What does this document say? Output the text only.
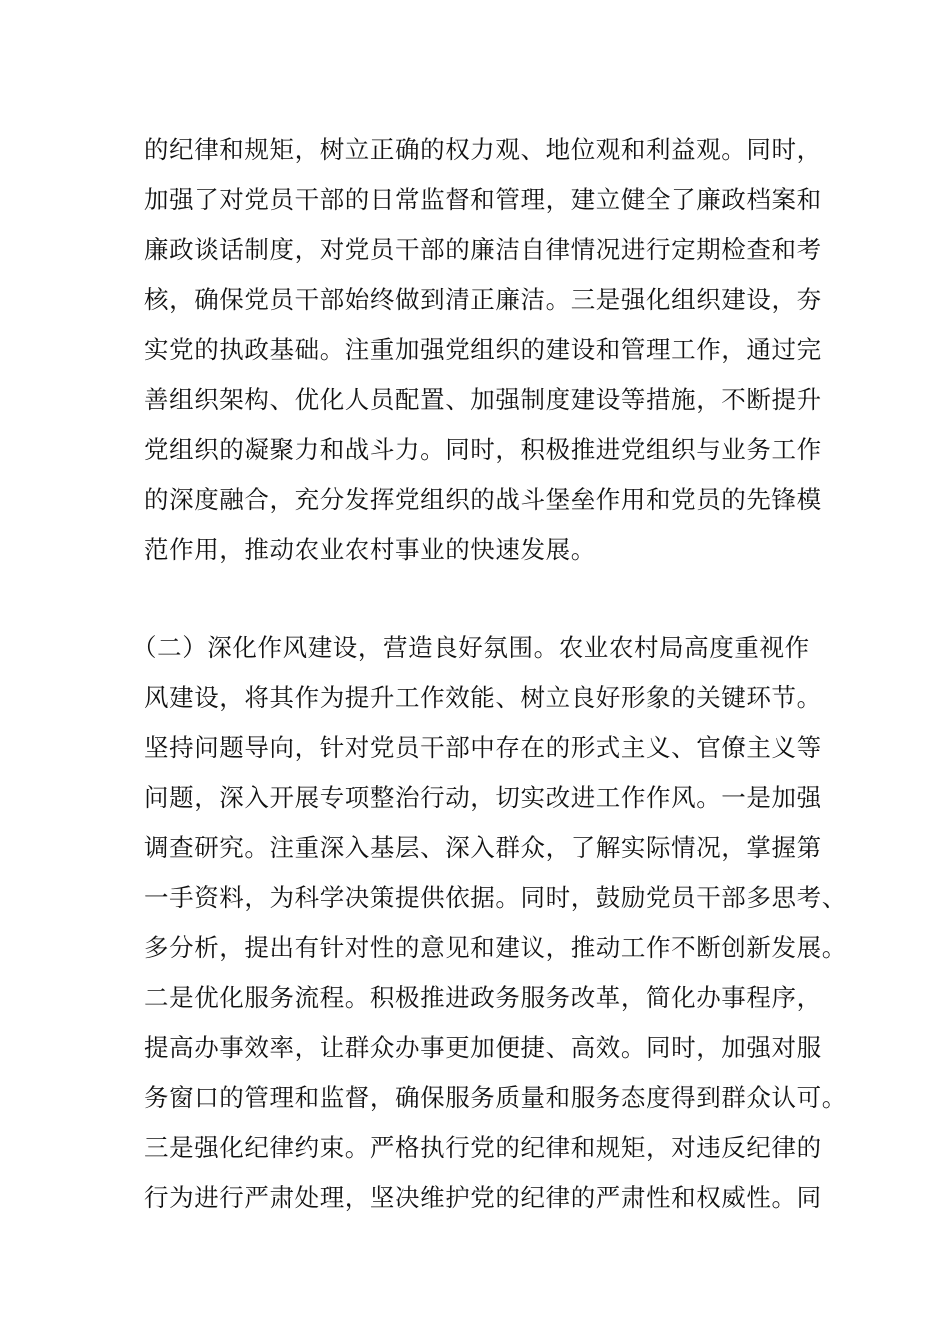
的纪律和规矩，树立正确的权力观、地位观和利益观。同时，
加强了对党员干部的日常监督和管理，建立健全了廉政档案和
廉政谈话制度，对党员干部的廉洁自律情况进行定期检查和考
核，确保党员干部始终做到清正廉洁。三是强化组织建设，夯
实党的执政基础。注重加强党组织的建设和管理工作，通过完
善组织架构、优化人员配置、加强制度建设等措施，不断提升
党组织的凝聚力和战斗力。同时，积极推进党组织与业务工作
的深度融合，充分发挥党组织的战斗堡垒作用和党员的先锋模
范作用，推动农业农村事业的快速发展。
（二）深化作风建设，营造良好氛围。农业农村局高度重视作
风建设，将其作为提升工作效能、树立良好形象的关键环节。
坚持问题导向，针对党员干部中存在的形式主义、官僚主义等
问题，深入开展专项整治行动，切实改进工作作风。一是加强
调查研究。注重深入基层、深入群众，了解实际情况，掌握第
一手资料，为科学决策提供依据。同时，鼓励党员干部多思考、
多分析，提出有针对性的意见和建议，推动工作不断创新发展。
二是优化服务流程。积极推进政务服务改革，简化办事程序，
提高办事效率，让群众办事更加便捷、高效。同时，加强对服
务窗口的管理和监督，确保服务质量和服务态度得到群众认可。
三是强化纪律约束。严格执行党的纪律和规矩，对违反纪律的
行为进行严肃处理，坚决维护党的纪律的严肃性和权威性。同
